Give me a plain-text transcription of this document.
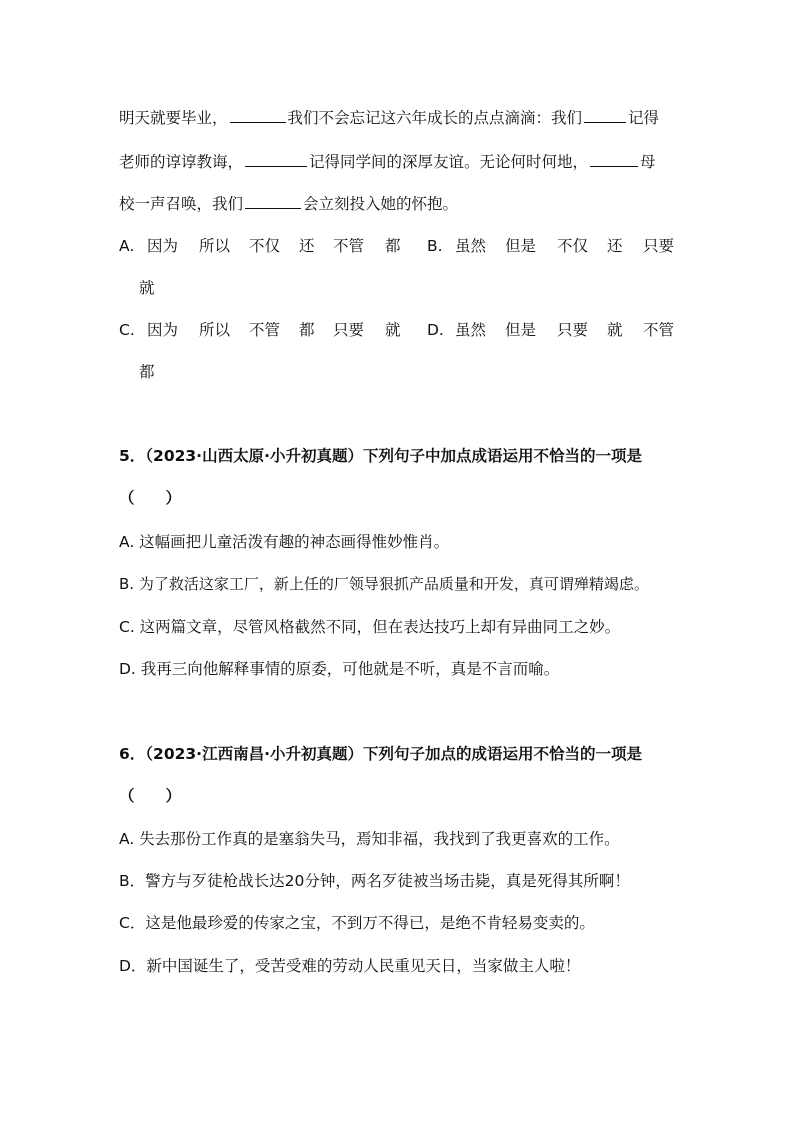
明天就要毕业，	我们不会忘记这六年成长的点点滴滴：我们	记得
老师的谆谆教诲，	记得同学间的深厚友谊。无论何时何地，	母
校一声召唤，我们	会立刻投入她的怀抱。
A. 因为 所以 不仅 还 不管 都 B. 虽然 但是 不仅 还 只要
就
C. 因为 所以 不管 都 只要 就 D. 虽然 但是 只要 就 不管
都
5．（2023·山西太原·小升初真题）下列句子中加点成语运用不恰当的一项是
（　　）
A. 这幅画把儿童活泼有趣的神态画得惟妙惟肖。
B. 为了救活这家工厂，新上任的厂领导狠抓产品质量和开发，真可谓殚精竭虑。
C. 这两篇文章，尽管风格截然不同，但在表达技巧上却有异曲同工之妙。
D. 我再三向他解释事情的原委，可他就是不听，真是不言而喻。
6．（2023·江西南昌·小升初真题）下列句子加点的成语运用不恰当的一项是
（　　）
A. 失去那份工作真的是塞翁失马，焉知非福，我找到了我更喜欢的工作。
B．警方与歹徒枪战长达20分钟，两名歹徒被当场击毙，真是死得其所啊！
C．这是他最珍爱的传家之宝，不到万不得已，是绝不肯轻易变卖的。
D．新中国诞生了，受苦受难的劳动人民重见天日，当家做主人啦！
